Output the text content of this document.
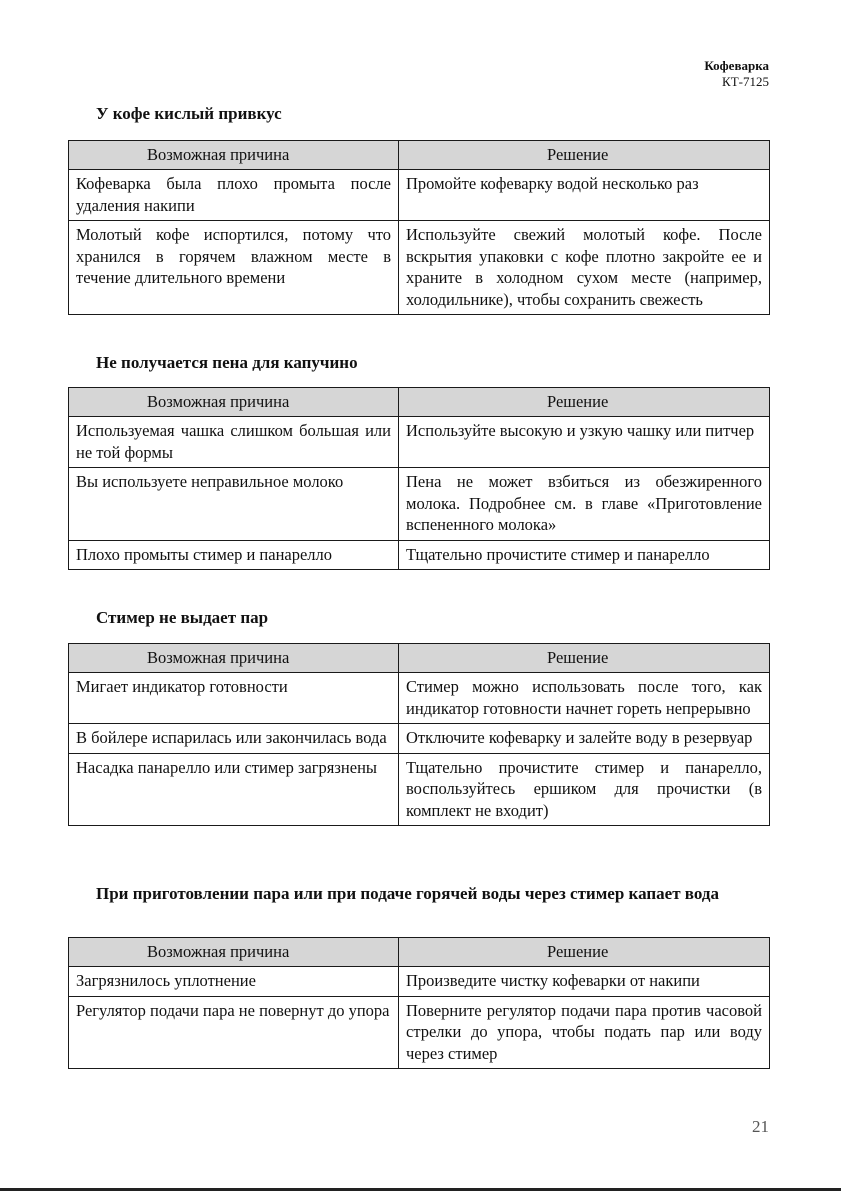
Кофеварка
КТ-7125
У кофе кислый привкус
Возможная причина	Решение
Кофеварка была плохо промыта после удаления накипи	Промойте кофеварку водой несколько раз
Молотый кофе испортился, потому что хранился в горячем влажном месте в течение длительного времени	Используйте свежий молотый кофе. После вскрытия упаковки с кофе плотно закройте ее и храните в холодном сухом месте (например, холодильнике), чтобы сохранить свежесть
Не получается пена для капучино
Возможная причина	Решение
Используемая чашка слишком большая или не той формы	Используйте высокую и узкую чашку или питчер
Вы используете неправильное молоко	Пена не может взбиться из обезжиренного молока. Подробнее см. в главе «Приготовление вспененного молока»
Плохо промыты стимер и панарелло	Тщательно прочистите стимер и панарелло
Стимер не выдает пар
Возможная причина	Решение
Мигает индикатор готовности	Стимер можно использовать после того, как индикатор готовности начнет гореть непрерывно
В бойлере испарилась или закончилась вода	Отключите кофеварку и залейте воду в резервуар
Насадка панарелло или стимер загрязнены	Тщательно прочистите стимер и панарелло, воспользуйтесь ершиком для прочистки (в комплект не входит)
При приготовлении пара или при подаче горячей воды через стимер капает вода
Возможная причина	Решение
Загрязнилось уплотнение	Произведите чистку кофеварки от накипи
Регулятор подачи пара не повернут до упора	Поверните регулятор подачи пара против часовой стрелки до упора, чтобы подать пар или воду через стимер
21
